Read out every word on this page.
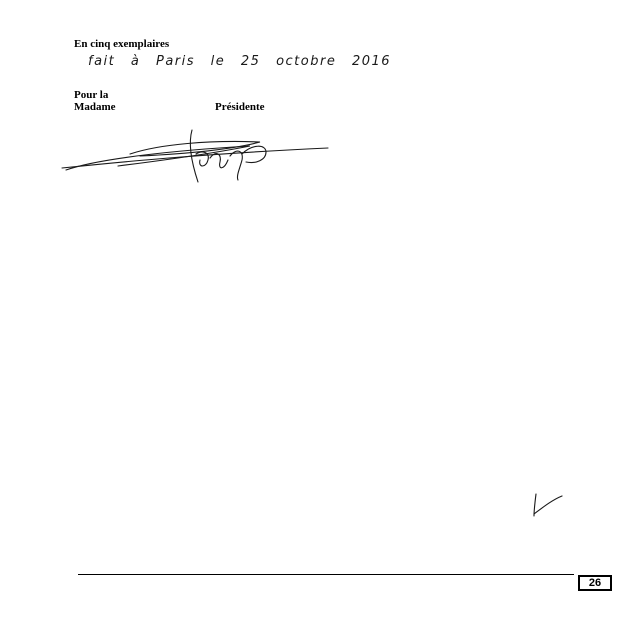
En cinq exemplaires
fait à Paris le 25 octobre 2016
Pour la
Madame	Présidente
26
